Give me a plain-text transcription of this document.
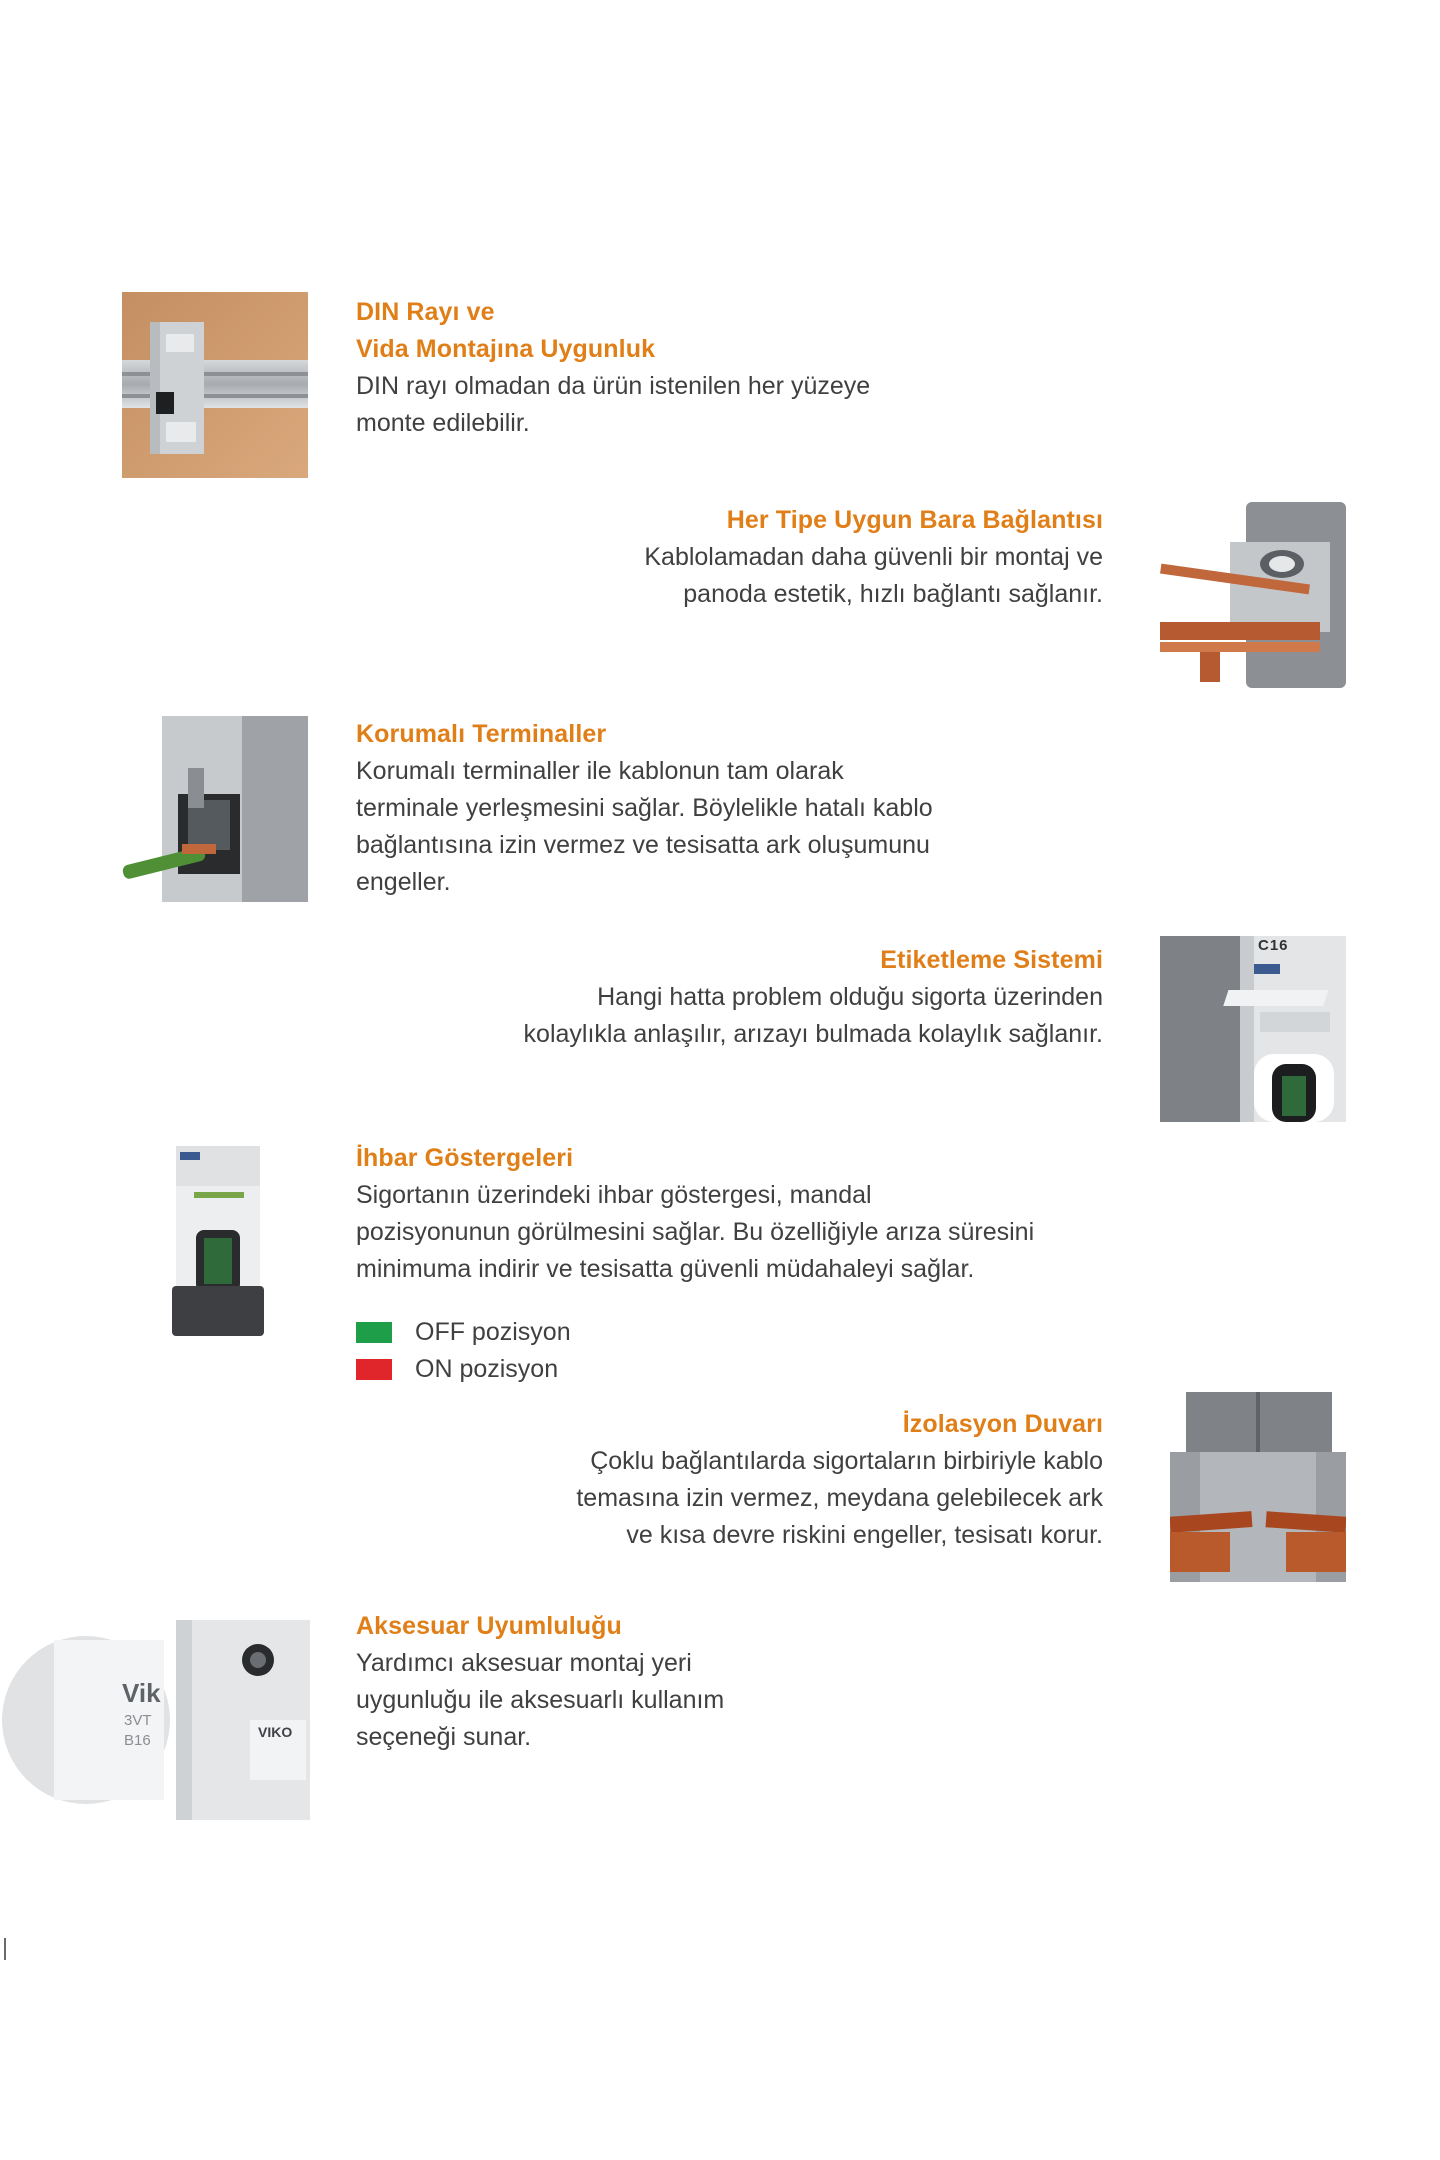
DIN Rayı ve
Vida Montajına Uygunluk

DIN rayı olmadan da ürün istenilen her yüzeye
monte edilebilir.

Her Tipe Uygun Bara Bağlantısı

Kablolamadan daha güvenli bir montaj ve
panoda estetik, hızlı bağlantı sağlanır.

Korumalı Terminaller

Korumalı terminaller ile kablonun tam olarak
terminale yerleşmesini sağlar. Böylelikle hatalı kablo
bağlantısına izin vermez ve tesisatta ark oluşumunu
engeller.

Etiketleme Sistemi

Hangi hatta problem olduğu sigorta üzerinden
kolaylıkla anlaşılır, arızayı bulmada kolaylık sağlanır.

C16

İhbar Göstergeleri

Sigortanın üzerindeki ihbar göstergesi, mandal
pozisyonunun görülmesini sağlar. Bu özelliğiyle arıza süresini
minimuma indirir ve tesisatta güvenli müdahaleyi sağlar.

OFF pozisyon
ON pozisyon

İzolasyon Duvarı

Çoklu bağlantılarda sigortaların birbiriyle kablo
temasına izin vermez, meydana gelebilecek ark
ve kısa devre riskini engeller, tesisatı korur.

VIKO
Vik
3VT
B16

Aksesuar Uyumluluğu

Yardımcı aksesuar montaj yeri
uygunluğu ile aksesuarlı kullanım
seçeneği sunar.
